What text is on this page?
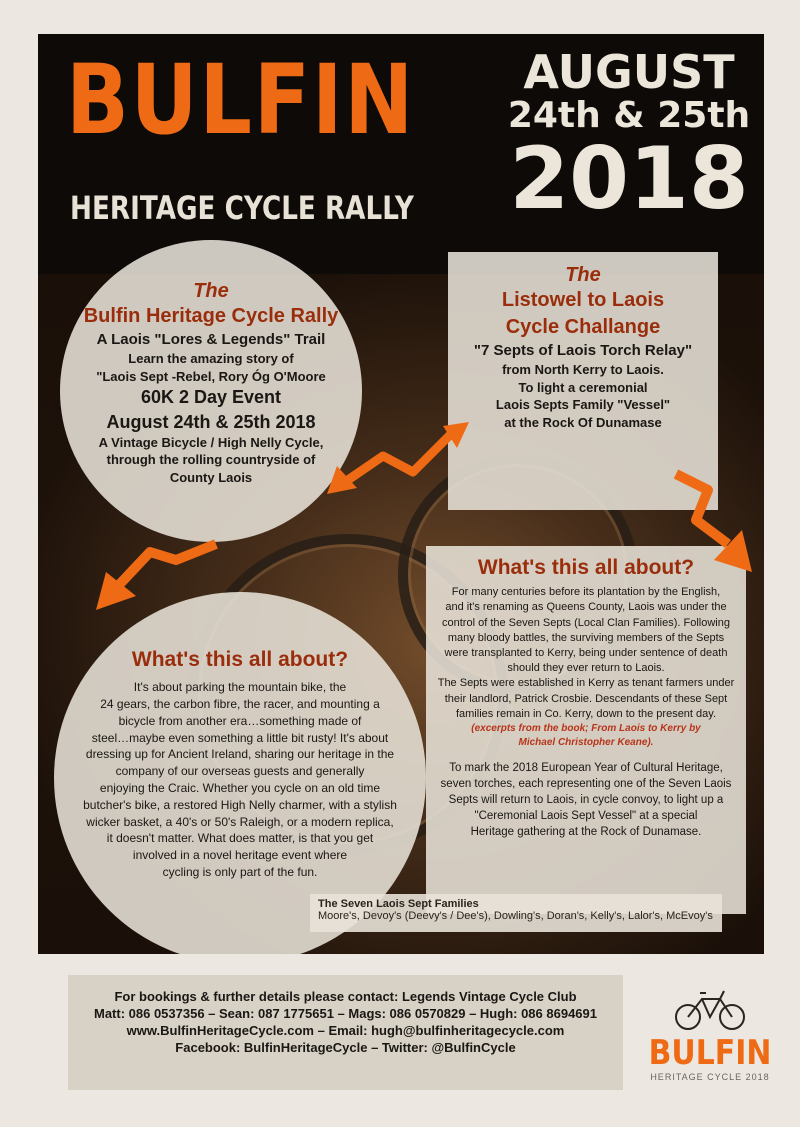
BULFIN
HERITAGE CYCLE RALLY
AUGUST
24th & 25th
2018

The

Bulfin Heritage Cycle Rally

A Laois "Lores & Legends" Trail

Learn the amazing story of

"Laois Sept -Rebel, Rory Óg O'Moore

60K 2 Day Event

August 24th & 25th 2018

A Vintage Bicycle / High Nelly Cycle,

through the rolling countryside of

County Laois

The

Listowel to Laois

Cycle Challange

"7 Septs of Laois Torch Relay"

from North Kerry to Laois.

To light a ceremonial

Laois Septs Family "Vessel"

at the Rock Of Dunamase

What's this all about?

It's about parking the mountain bike, the

24 gears, the carbon fibre, the racer, and mounting a

bicycle from another era…something made of

steel…maybe even something a little bit rusty! It's about

dressing up for Ancient Ireland, sharing our heritage in the

company of our overseas guests and generally

enjoying the Craic. Whether you cycle on an old time

butcher's bike, a restored High Nelly charmer, with a stylish

wicker basket, a 40's or 50's Raleigh, or a modern replica,

it doesn't matter. What does matter, is that you get

involved in a novel heritage event where

cycling is only part of the fun.

What's this all about?

For many centuries before its plantation by the English,

and it's renaming as Queens County, Laois was under the

control of the Seven Septs (Local Clan Families). Following

many bloody battles, the surviving members of the Septs

were transplanted to Kerry, being under sentence of death

should they ever return to Laois.

The Septs were established in Kerry as tenant farmers under

their landlord, Patrick Crosbie. Descendants of these Sept

families remain in Co. Kerry, down to the present day.

(excerpts from the book; From Laois to Kerry by

Michael Christopher Keane).

To mark the 2018 European Year of Cultural Heritage,

seven torches, each representing one of the Seven Laois

Septs will return to Laois, in cycle convoy, to light up a

"Ceremonial Laois Sept Vessel" at a special

Heritage gathering at the Rock of Dunamase.

The Seven Laois Sept Families
Moore's, Devoy's (Deevy's / Dee's), Dowling's, Doran's, Kelly's, Lalor's, McEvoy's

For bookings & further details please contact: Legends Vintage Cycle Club

Matt: 086 0537356 – Sean: 087 1775651 – Mags: 086 0570829 – Hugh: 086 8694691

www.BulfinHeritageCycle.com – Email: hugh@bulfinheritagecycle.com

Facebook: BulfinHeritageCycle – Twitter: @BulfinCycle	BULFIN

HERITAGE CYCLE 2018
